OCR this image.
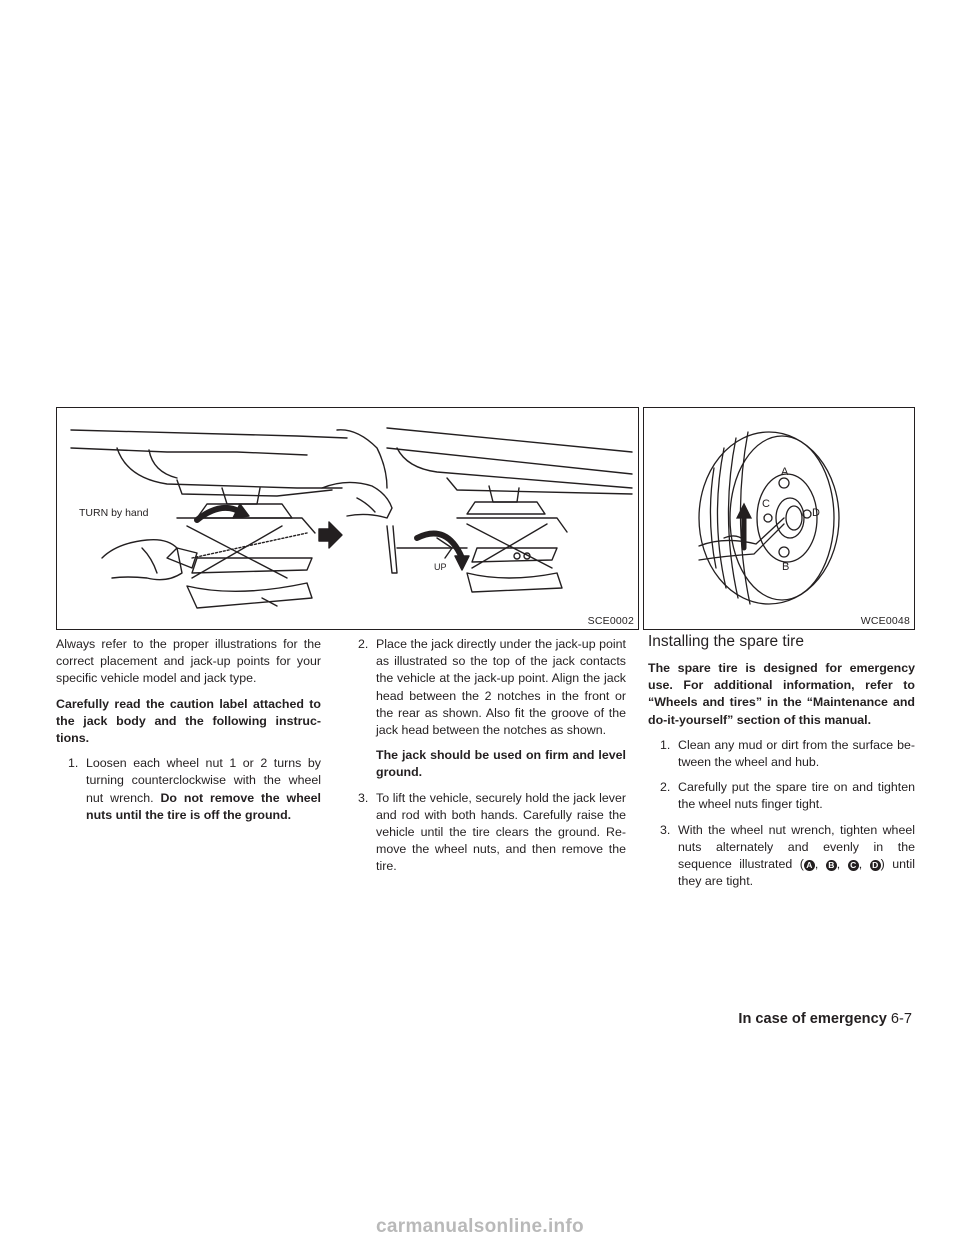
TURN by hand
UP
SCE0002
A
B
C
D
WCE0048

Always refer to the proper illustrations for the correct placement and jack-up points for your specific vehicle model and jack type.

Carefully read the caution label attached to the jack body and the following instruc-tions.

1. Loosen each wheel nut 1 or 2 turns by turning counterclockwise with the wheel nut wrench. Do not remove the wheel nuts until the tire is off the ground.
2. Place the jack directly under the jack-up point as illustrated so the top of the jack contacts the vehicle at the jack-up point. Align the jack head between the 2 notches in the front or the rear as shown. Also fit the groove of the jack head between the notches as shown.

The jack should be used on firm and level ground.

3. To lift the vehicle, securely hold the jack lever and rod with both hands. Carefully raise the vehicle until the tire clears the ground. Re-move the wheel nuts, and then remove the tire.
Installing the spare tire

The spare tire is designed for emergency use. For additional information, refer to “Wheels and tires” in the “Maintenance and do-it-yourself” section of this manual.

1. Clean any mud or dirt from the surface be-tween the wheel and hub.
2. Carefully put the spare tire on and tighten the wheel nuts finger tight.
3. With the wheel nut wrench, tighten wheel nuts alternately and evenly in the sequence illustrated ( A , B , C , D ) until they are tight.
In case of emergency 6-7
carmanualsonline.info
